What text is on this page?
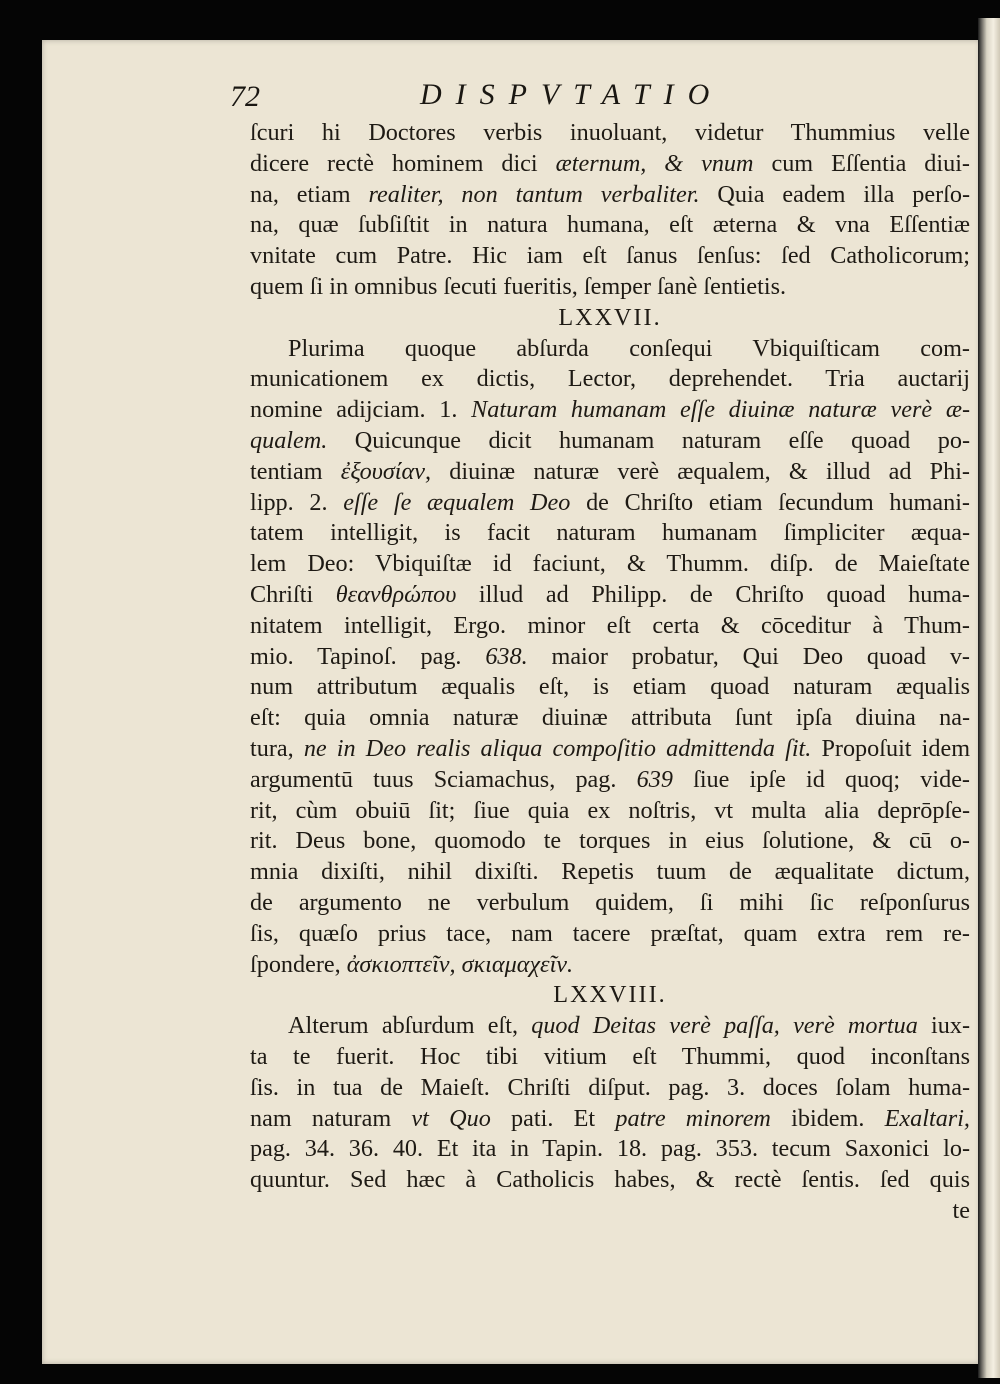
72	DISPVTATIO
ſcuri hi Doctores verbis inuoluant, videtur Thummius velle
dicere rectè hominem dici æternum, & vnum cum Eſſentia diui-
na, etiam realiter, non tantum verbaliter. Quia eadem illa perſo-
na, quæ ſubſiſtit in natura humana, eſt æterna & vna Eſſentiæ
vnitate cum Patre. Hic iam eſt ſanus ſenſus: ſed Catholicorum;
quem ſi in omnibus ſecuti fueritis, ſemper ſanè ſentietis.
LXXVII.
Plurima quoque abſurda conſequi Vbiquiſticam com-
municationem ex dictis, Lector, deprehendet. Tria auctarij
nomine adijciam. 1. Naturam humanam eſſe diuinæ naturæ verè æ-
qualem. Quicunque dicit humanam naturam eſſe quoad po-
tentiam ἐξουσίαν, diuinæ naturæ verè æqualem, & illud ad Phi-
lipp. 2. eſſe ſe æqualem Deo de Chriſto etiam ſecundum humani-
tatem intelligit, is facit naturam humanam ſimpliciter æqua-
lem Deo: Vbiquiſtæ id faciunt, & Thumm. diſp. de Maieſtate
Chriſti θεανθρώπου illud ad Philipp. de Chriſto quoad huma-
nitatem intelligit, Ergo. minor eſt certa & cōceditur à Thum-
mio. Tapinoſ. pag. 638. maior probatur, Qui Deo quoad v-
num attributum æqualis eſt, is etiam quoad naturam æqualis
eſt: quia omnia naturæ diuinæ attributa ſunt ipſa diuina na-
tura, ne in Deo realis aliqua compoſitio admittenda ſit. Propoſuit idem
argumentū tuus Sciamachus, pag. 639 ſiue ipſe id quoq; vide-
rit, cùm obuiū ſit; ſiue quia ex noſtris, vt multa alia deprōpſe-
rit. Deus bone, quomodo te torques in eius ſolutione, & cū o-
mnia dixiſti, nihil dixiſti. Repetis tuum de æqualitate dictum,
de argumento ne verbulum quidem, ſi mihi ſic reſponſurus
ſis, quæſo prius tace, nam tacere præſtat, quam extra rem re-
ſpondere, ἀσκιοπτεῖν, σκιαμαχεῖν.
LXXVIII.
Alterum abſurdum eſt, quod Deitas verè paſſa, verè mortua iux-
ta te fuerit. Hoc tibi vitium eſt Thummi, quod inconſtans
ſis. in tua de Maieſt. Chriſti diſput. pag. 3. doces ſolam huma-
nam naturam vt Quo pati. Et patre minorem ibidem. Exaltari,
pag. 34. 36. 40. Et ita in Tapin. 18. pag. 353. tecum Saxonici lo-
quuntur. Sed hæc à Catholicis habes, & rectè ſentis. ſed quis
te
